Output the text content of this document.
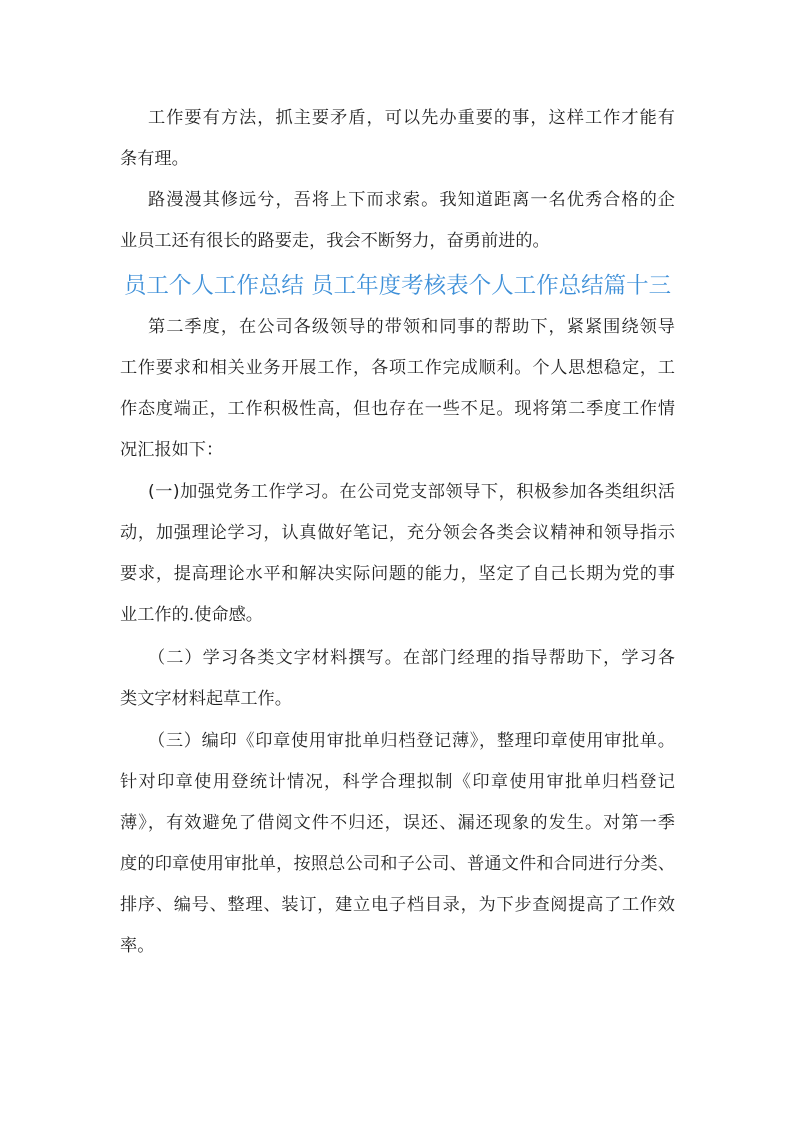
工作要有方法，抓主要矛盾，可以先办重要的事，这样工作才能有
条有理。
路漫漫其修远兮，吾将上下而求索。我知道距离一名优秀合格的企
业员工还有很长的路要走，我会不断努力，奋勇前进的。
员工个人工作总结 员工年度考核表个人工作总结篇十三
第二季度，在公司各级领导的带领和同事的帮助下，紧紧围绕领导
工作要求和相关业务开展工作，各项工作完成顺利。个人思想稳定，工
作态度端正，工作积极性高，但也存在一些不足。现将第二季度工作情
况汇报如下：
(一)加强党务工作学习。在公司党支部领导下，积极参加各类组织活
动，加强理论学习，认真做好笔记，充分领会各类会议精神和领导指示
要求，提高理论水平和解决实际问题的能力，坚定了自己长期为党的事
业工作的.使命感。
（二）学习各类文字材料撰写。在部门经理的指导帮助下，学习各
类文字材料起草工作。
（三）编印《印章使用审批单归档登记薄》，整理印章使用审批单。
针对印章使用登统计情况，科学合理拟制《印章使用审批单归档登记
薄》，有效避免了借阅文件不归还，误还、漏还现象的发生。对第一季
度的印章使用审批单，按照总公司和子公司、普通文件和合同进行分类、
排序、编号、整理、装订，建立电子档目录，为下步查阅提高了工作效
率。
